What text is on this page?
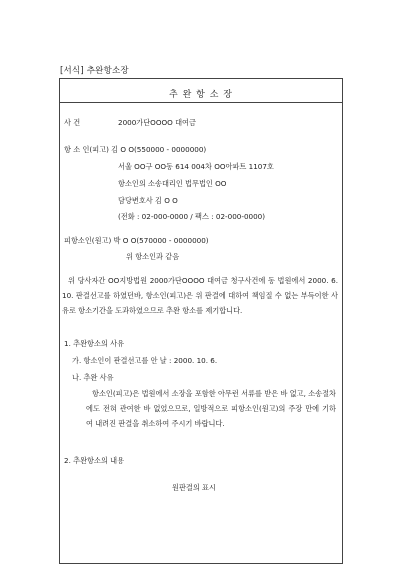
[서식] 추완항소장
추 완 항 소 장
사 건	2000가단OOOO 대여금
항 소 인(피고) 김 O O(550000 - 0000000)
서울 OO구 OO동 614 004차 OO아파트 1107호
항소인의 소송대리인 법무법인 OO
담당변호사 김 O O
(전화 : 02-000-0000 / 팩스 : 02-000-0000)
피항소인(원고) 박 O O(570000 - 0000000)
위 항소인과 같음
위 당사자간 OO지방법원 2000가단OOOO 대여금 청구사건에 동 법원에서 2000. 6. 10. 판결선고를 하였던바, 항소인(피고)은 위 판결에 대하여 책임질 수 없는 부득이한 사유로 항소기간을 도과하였으므로 추완 항소를 제기합니다.
1. 추완항소의 사유
가. 항소인이 판결선고를 안 날 : 2000. 10. 6.
나. 추완 사유
항소인(피고)은 법원에서 소장을 포함한 아무런 서류를 받은 바 없고, 소송절차에도 전혀 관여한 바 없었으므로, 일방적으로 피항소인(원고)의 주장 만에 기하여 내려진 판결을 취소하여 주시기 바랍니다.
2. 추완항소의 내용
원판결의 표시
